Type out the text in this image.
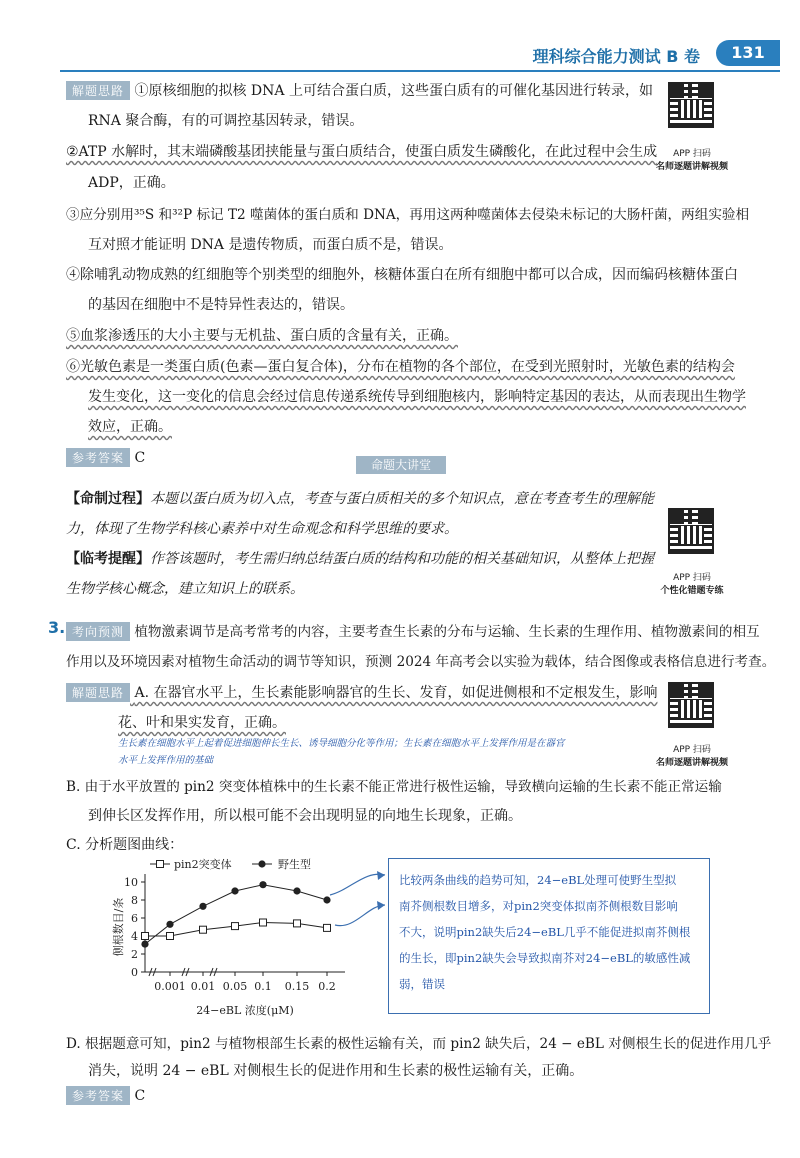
理科综合能力测试 B 卷	131
解题思路 ①原核细胞的拟核 DNA 上可结合蛋白质，这些蛋白质有的可催化基因进行转录，如
RNA 聚合酶，有的可调控基因转录，错误。
②ATP 水解时，其末端磷酸基团挟能量与蛋白质结合，使蛋白质发生磷酸化，在此过程中会生成
ADP，正确。
③应分别用³⁵S 和³²P 标记 T2 噬菌体的蛋白质和 DNA，再用这两种噬菌体去侵染未标记的大肠杆菌，两组实验相
互对照才能证明 DNA 是遗传物质，而蛋白质不是，错误。
④除哺乳动物成熟的红细胞等个别类型的细胞外，核糖体蛋白在所有细胞中都可以合成，因而编码核糖体蛋白
的基因在细胞中不是特异性表达的，错误。
⑤血浆渗透压的大小主要与无机盐、蛋白质的含量有关，正确。
⑥光敏色素是一类蛋白质(色素—蛋白复合体)，分布在植物的各个部位，在受到光照射时，光敏色素的结构会
发生变化，这一变化的信息会经过信息传递系统传导到细胞核内，影响特定基因的表达，从而表现出生物学
效应，正确。
参考答案 C
APP 扫码
名师逐题讲解视频
命题大讲堂
【命制过程】本题以蛋白质为切入点，考查与蛋白质相关的多个知识点，意在考查考生的理解能
力，体现了生物学科核心素养中对生命观念和科学思维的要求。
【临考提醒】作答该题时，考生需归纳总结蛋白质的结构和功能的相关基础知识，从整体上把握
生物学核心概念，建立知识上的联系。
APP 扫码
个性化错题专练
3. 考向预测 植物激素调节是高考常考的内容，主要考查生长素的分布与运输、生长素的生理作用、植物激素间的相互
作用以及环境因素对植物生命活动的调节等知识，预测 2024 年高考会以实验为载体，结合图像或表格信息进行考查。
解题思路 A. 在器官水平上，生长素能影响器官的生长、发育，如促进侧根和不定根发生，影响
花、叶和果实发育，正确。
生长素在细胞水平上起着促进细胞伸长生长、诱导细胞分化等作用；生长素在细胞水平上发挥作用是在器官
水平上发挥作用的基础
APP 扫码
名师逐题讲解视频
B. 由于水平放置的 pin2 突变体植株中的生长素不能正常进行极性运输，导致横向运输的生长素不能正常运输
到伸长区发挥作用，所以根可能不会出现明显的向地生长现象，正确。
C. 分析题图曲线：
0
2
4
6
8
10
0.001 0.01 0.05 0.1 0.15 0.2
侧根数目/条
24−eBL 浓度(μM)
pin2突变体	野生型
比较两条曲线的趋势可知，24−eBL处理可使野生型拟
南芥侧根数目增多，对pin2突变体拟南芥侧根数目影响
不大，说明pin2缺失后24−eBL几乎不能促进拟南芥侧根
的生长，即pin2缺失会导致拟南芥对24−eBL的敏感性减
弱，错误
D. 根据题意可知，pin2 与植物根部生长素的极性运输有关，而 pin2 缺失后，24 − eBL 对侧根生长的促进作用几乎
消失，说明 24 − eBL 对侧根生长的促进作用和生长素的极性运输有关，正确。
参考答案 C
